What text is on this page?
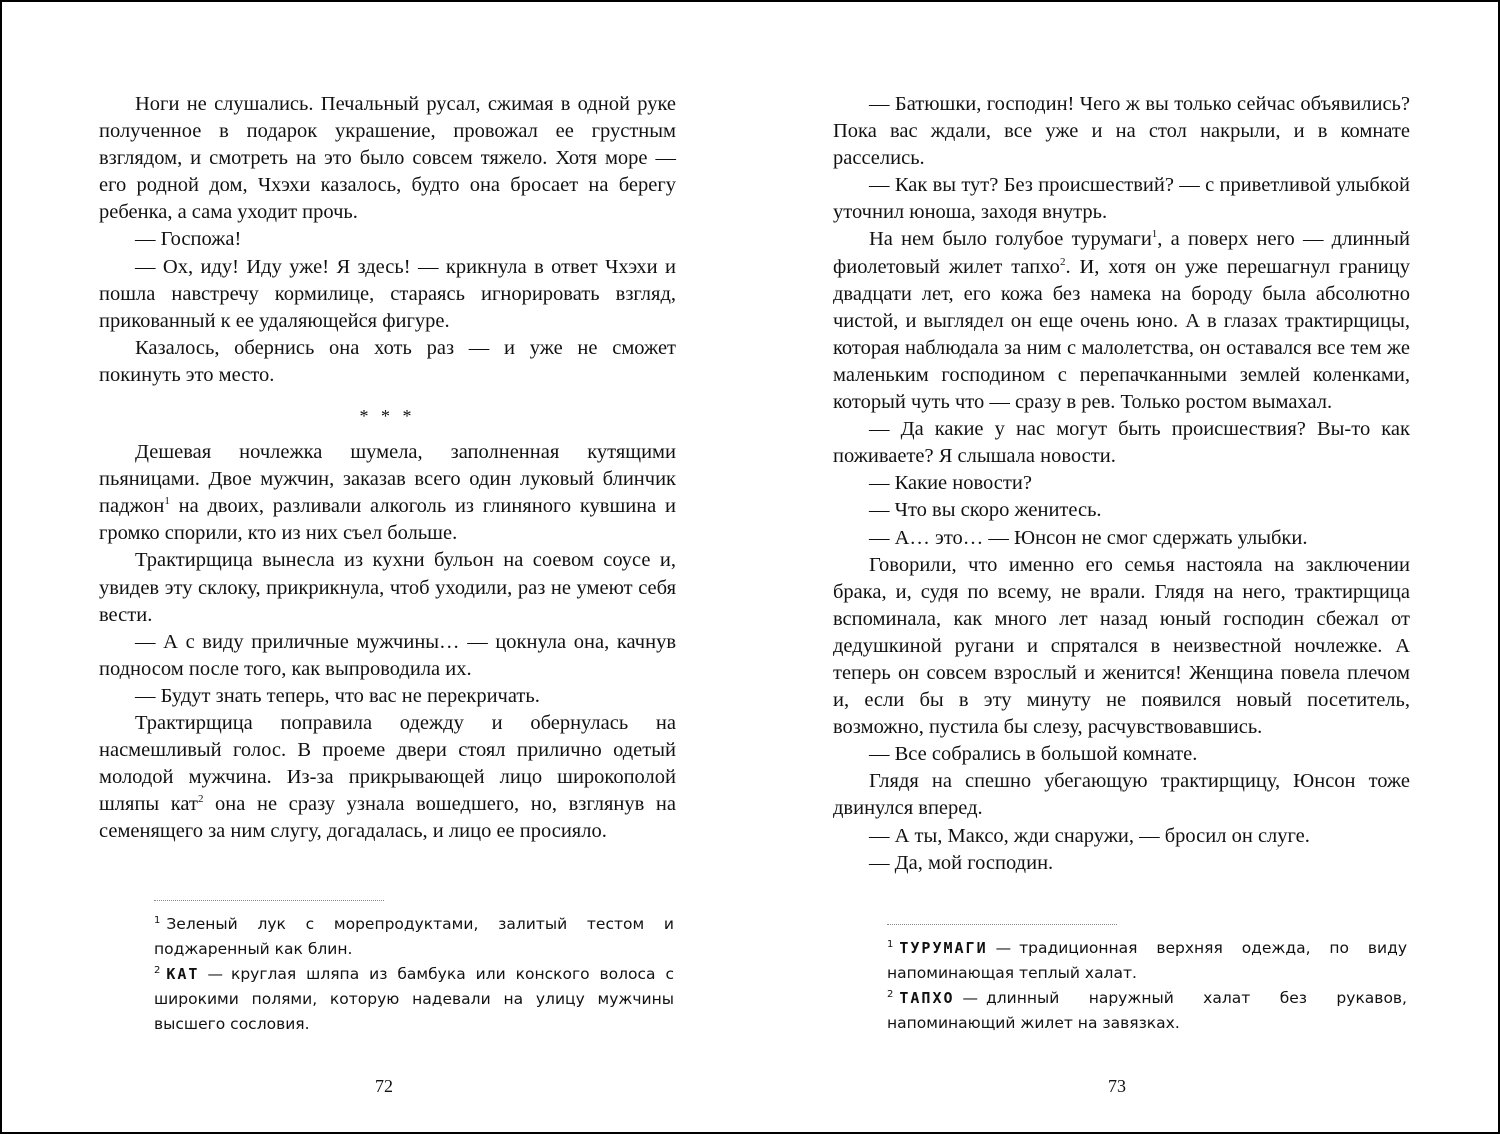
Ноги не слушались. Печальный русал, сжимая в одной руке полученное в подарок украшение, провожал ее грустным взглядом, и смотреть на это было совсем тяжело. Хотя море — его родной дом, Чхэхи казалось, будто она бросает на берегу ребенка, а сама уходит прочь.

— Госпожа!

— Ох, иду! Иду уже! Я здесь! — крикнула в ответ Чхэхи и пошла навстречу кормилице, стараясь игнорировать взгляд, прикованный к ее удаляющейся фигуре.

Казалось, обернись она хоть раз — и уже не сможет покинуть это место.

* * *

Дешевая ночлежка шумела, заполненная кутящими пьяницами. Двое мужчин, заказав всего один луковый блинчик паджон$^1$ на двоих, разливали алкоголь из глиняного кувшина и громко спорили, кто из них съел больше.

Трактирщица вынесла из кухни бульон на соевом соусе и, увидев эту склоку, прикрикнула, чтоб уходили, раз не умеют себя вести.

— А с виду приличные мужчины… — цокнула она, качнув подносом после того, как выпроводила их.

— Будут знать теперь, что вас не перекричать.

Трактирщица поправила одежду и обернулась на насмешливый голос. В проеме двери стоял прилично одетый молодой мужчина. Из-за прикрывающей лицо широкополой шляпы кат$^2$ она не сразу узнала вошедшего, но, взглянув на семенящего за ним слугу, догадалась, и лицо ее просияло.

$^1$ Зеленый лук с морепродуктами, залитый тестом и поджаренный как блин.

$^2$ КАТ — круглая шляпа из бамбука или конского волоса с широкими полями, которую надевали на улицу мужчины высшего сословия.

72

— Батюшки, господин! Чего ж вы только сейчас объявились? Пока вас ждали, все уже и на стол накрыли, и в комнате расселись.

— Как вы тут? Без происшествий? — с приветливой улыбкой уточнил юноша, заходя внутрь.

На нем было голубое турумаги$^1$, а поверх него — длинный фиолетовый жилет тапхо$^2$. И, хотя он уже перешагнул границу двадцати лет, его кожа без намека на бороду была абсолютно чистой, и выглядел он еще очень юно. А в глазах трактирщицы, которая наблюдала за ним с малолетства, он оставался все тем же маленьким господином с перепачканными землей коленками, который чуть что — сразу в рев. Только ростом вымахал.

— Да какие у нас могут быть происшествия? Вы-то как поживаете? Я слышала новости.

— Какие новости?

— Что вы скоро женитесь.

— А… это… — Юнсон не смог сдержать улыбки.

Говорили, что именно его семья настояла на заключении брака, и, судя по всему, не врали. Глядя на него, трактирщица вспоминала, как много лет назад юный господин сбежал от дедушкиной ругани и спрятался в неизвестной ночлежке. А теперь он совсем взрослый и женится! Женщина повела плечом и, если бы в эту минуту не появился новый посетитель, возможно, пустила бы слезу, расчувствовавшись.

— Все собрались в большой комнате.

Глядя на спешно убегающую трактирщицу, Юнсон тоже двинулся вперед.

— А ты, Максо, жди снаружи, — бросил он слуге.

— Да, мой господин.

$^1$ ТУРУМАГИ — традиционная верхняя одежда, по виду напоминающая теплый халат.

$^2$ ТАПХО — длинный наружный халат без рукавов, напоминающий жилет на завязках.

73
